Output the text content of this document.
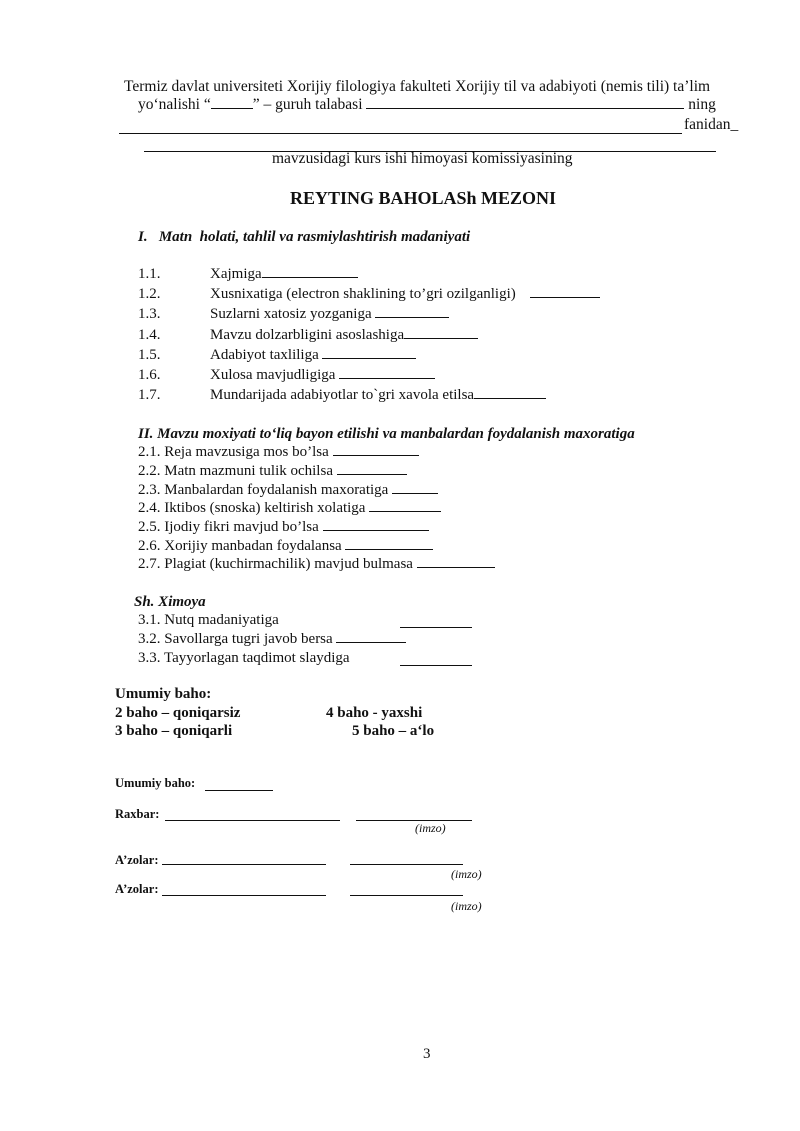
Termiz davlat universiteti Xorijiy filologiya fakulteti Xorijiy til va adabiyoti (nemis tili) ta’lim
yo‘nalishi “	” – guruh talabasi	ning
fanidan_
mavzusidagi kurs ishi himoyasi komissiyasining
REYTING BAHOLASh MEZONI
I.   Matn  holati, tahlil va rasmiylashtirish madaniyati
1.1.	Xajmiga
1.2.	Xusnixatiga (electron shaklining to’gri ozilganligi)
1.3.	Suzlarni xatosiz yozganiga
1.4.	Mavzu dolzarbligini asoslashiga
1.5.	Adabiyot taxliliga
1.6.	Xulosa mavjudligiga
1.7.	Mundarijada adabiyotlar to`gri xavola etilsa
II. Mavzu moxiyati to‘liq bayon etilishi va manbalardan foydalanish maxoratiga
2.1. Reja mavzusiga mos bo’lsa
2.2. Matn mazmuni tulik ochilsa
2.3. Manbalardan foydalanish maxoratiga
2.4. Iktibos (snoska) keltirish xolatiga
2.5. Ijodiy fikri mavjud bo’lsa
2.6. Xorijiy manbadan foydalansa
2.7. Plagiat (kuchirmachilik) mavjud bulmasa
Sh. Ximoya
3.1. Nutq madaniyatiga
3.2. Savollarga tugri javob bersa
3.3. Tayyorlagan taqdimot slaydiga
Umumiy baho:
2 baho – qoniqarsiz	4 baho - yaxshi
3 baho – qoniqarli	5 baho – a‘lo
Umumiy baho:
Raxbar:
(imzo)
A’zolar:
(imzo)
A’zolar:
(imzo)
3
